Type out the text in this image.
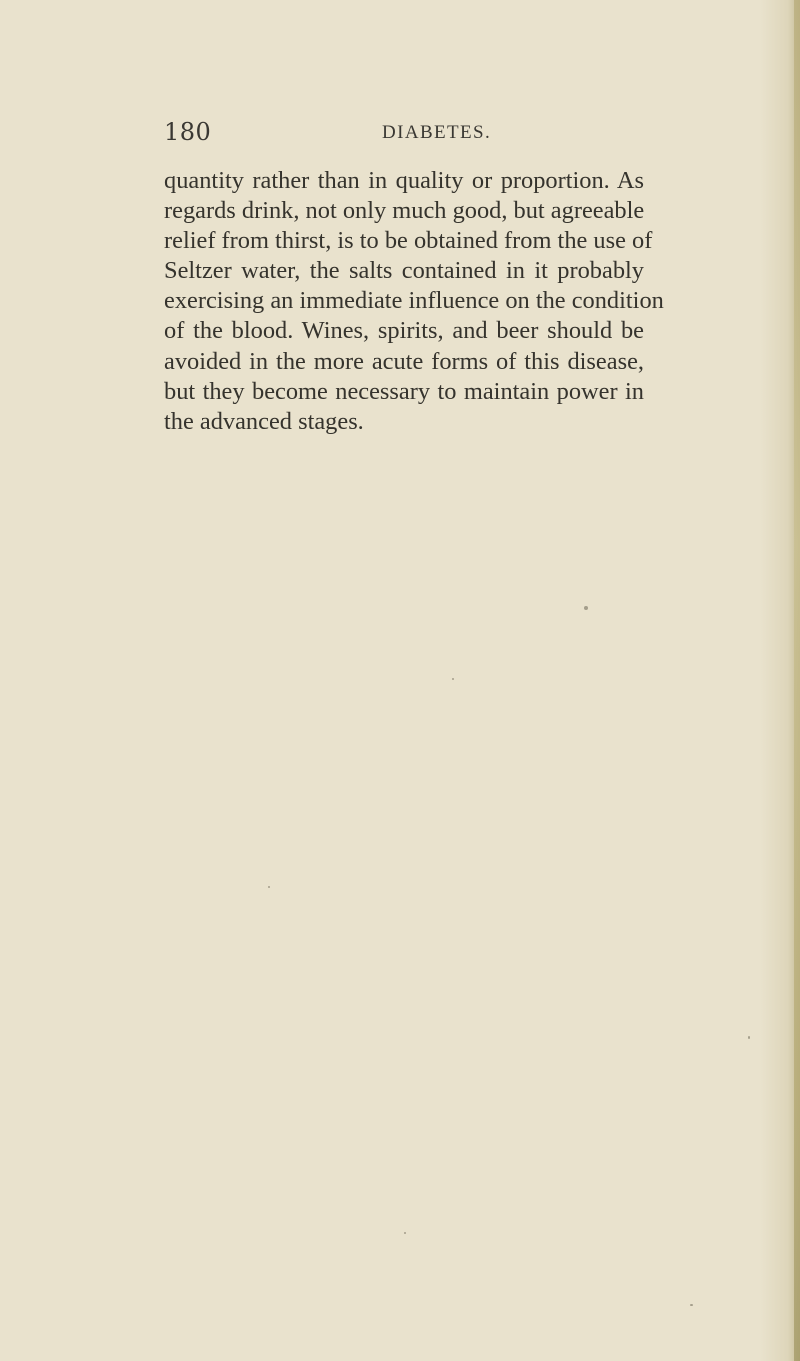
180	DIABETES.
quantity rather than in quality or proportion. As
regards drink, not only much good, but agreeable
relief from thirst, is to be obtained from the use of
Seltzer water, the salts contained in it probably
exercising an immediate influence on the condition
of the blood. Wines, spirits, and beer should be
avoided in the more acute forms of this disease,
but they become necessary to maintain power in
the advanced stages.
